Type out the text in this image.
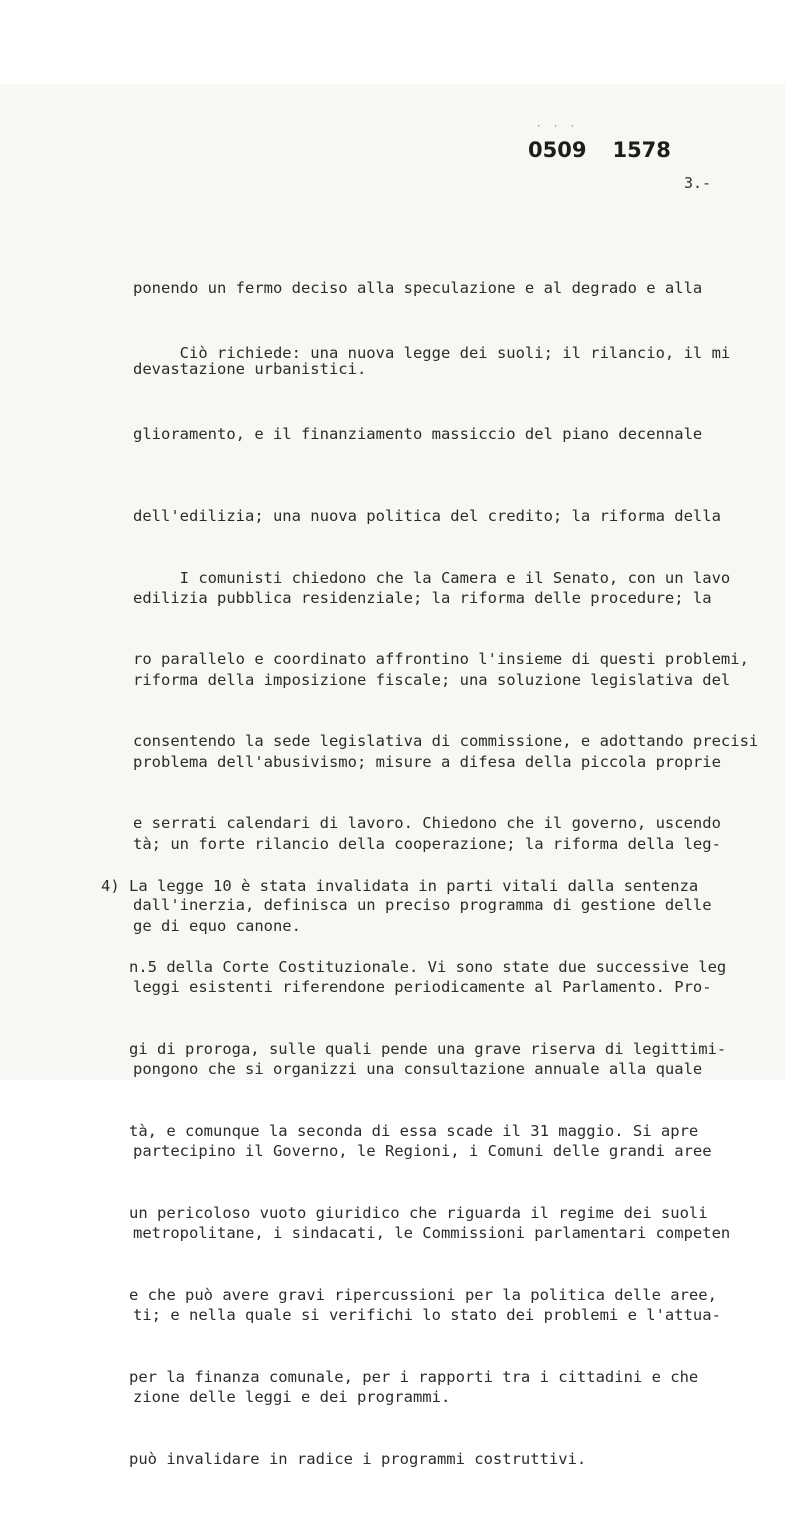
· · ·
0509 1578
3.-

ponendo un fermo deciso alla speculazione e al degrado e alla

devastazione urbanistici.

Ciò richiede: una nuova legge dei suoli; il rilancio, il mi

glioramento, e il finanziamento massiccio del piano decennale

dell'edilizia; una nuova politica del credito; la riforma della

edilizia pubblica residenziale; la riforma delle procedure; la

riforma della imposizione fiscale; una soluzione legislativa del

problema dell'abusivismo; misure a difesa della piccola proprie

tà; un forte rilancio della cooperazione; la riforma della leg-

ge di equo canone.

I comunisti chiedono che la Camera e il Senato, con un lavo

ro parallelo e coordinato affrontino l'insieme di questi problemi,

consentendo la sede legislativa di commissione, e adottando precisi

e serrati calendari di lavoro. Chiedono che il governo, uscendo

dall'inerzia, definisca un preciso programma di gestione delle

leggi esistenti riferendone periodicamente al Parlamento. Pro-

pongono che si organizzi una consultazione annuale alla quale

partecipino il Governo, le Regioni, i Comuni delle grandi aree

metropolitane, i sindacati, le Commissioni parlamentari competen

ti; e nella quale si verifichi lo stato dei problemi e l'attua-

zione delle leggi e dei programmi.

4) La legge 10 è stata invalidata in parti vitali dalla sentenza

n.5 della Corte Costituzionale. Vi sono state due successive leg

gi di proroga, sulle quali pende una grave riserva di legittimi-

tà, e comunque la seconda di essa scade il 31 maggio. Si apre

un pericoloso vuoto giuridico che riguarda il regime dei suoli

e che può avere gravi ripercussioni per la politica delle aree,

per la finanza comunale, per i rapporti tra i cittadini e che

può invalidare in radice i programmi costruttivi.
